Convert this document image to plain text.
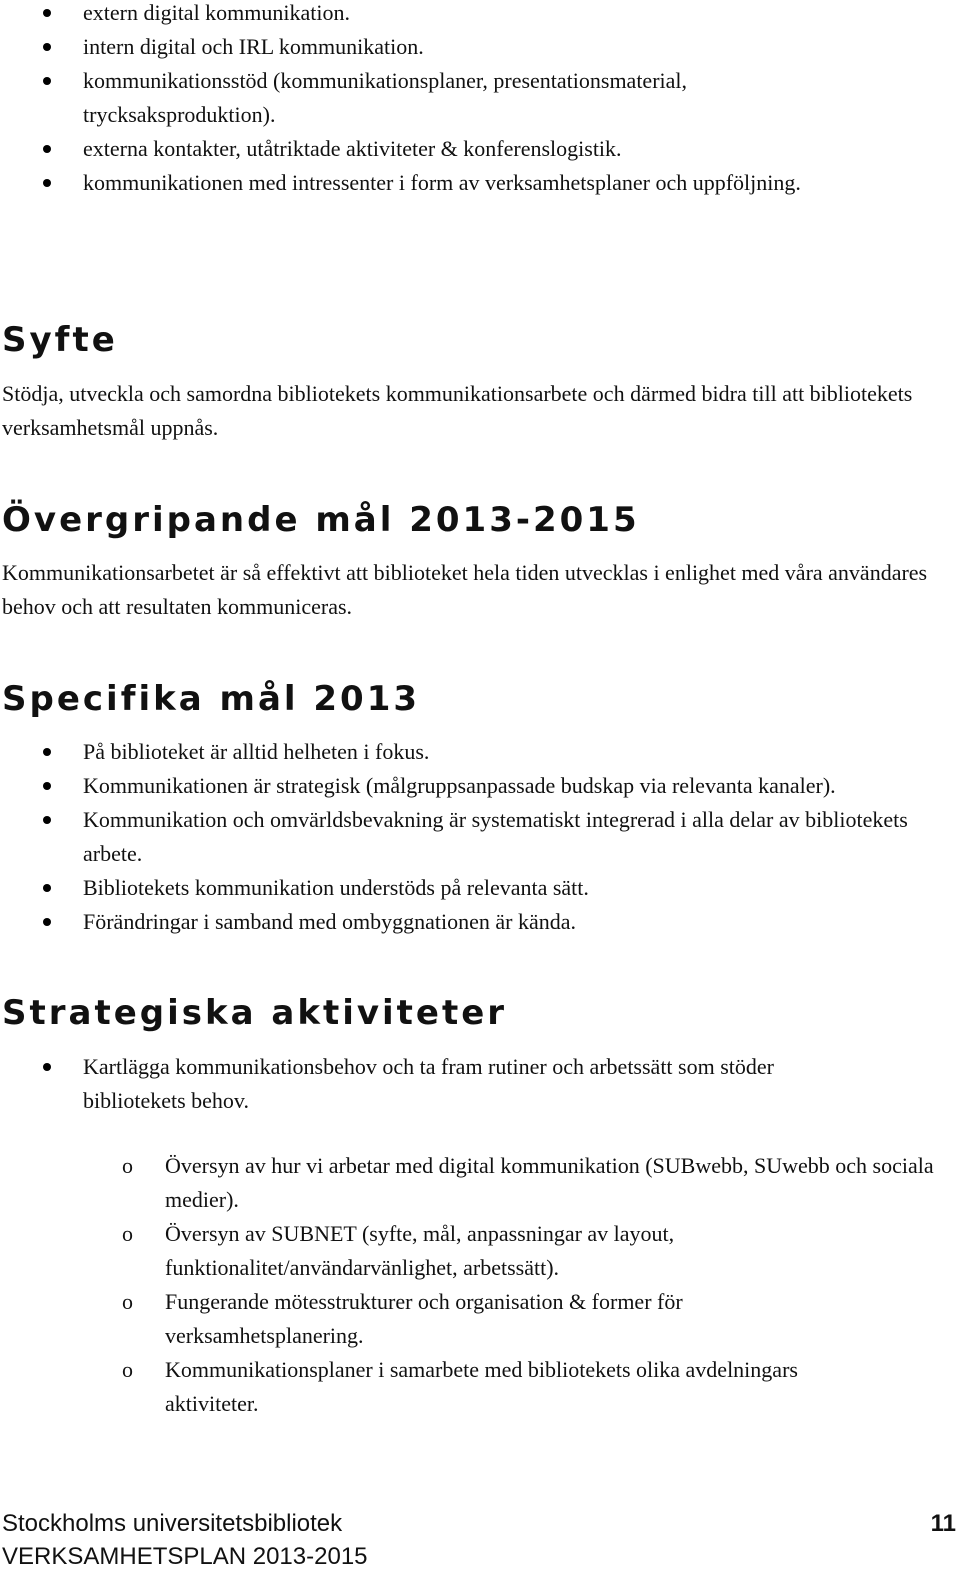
extern digital kommunikation.
intern digital och IRL kommunikation.
kommunikationsstöd (kommunikationsplaner, presentationsmaterial, trycksaksproduktion).
externa kontakter, utåtriktade aktiviteter & konferenslogistik.
kommunikationen med intressenter i form av verksamhetsplaner och uppföljning.
Syfte

Stödja, utveckla och samordna bibliotekets kommunikationsarbete och därmed bidra till att bibliotekets verksamhetsmål uppnås.

Övergripande mål 2013-2015

Kommunikationsarbetet är så effektivt att biblioteket hela tiden utvecklas i enlighet med våra användares behov och att resultaten kommuniceras.

Specifika mål 2013
På biblioteket är alltid helheten i fokus.
Kommunikationen är strategisk (målgruppsanpassade budskap via relevanta kanaler).
Kommunikation och omvärldsbevakning är systematiskt integrerad i alla delar av bibliotekets arbete.
Bibliotekets kommunikation understöds på relevanta sätt.
Förändringar i samband med ombyggnationen är kända.
Strategiska aktiviteter
Kartlägga kommunikationsbehov och ta fram rutiner och arbetssätt som stöder bibliotekets behov.
o Översyn av hur vi arbetar med digital kommunikation (SUBwebb, SUwebb och sociala medier).
o Översyn av SUBNET (syfte, mål, anpassningar av layout, funktionalitet/användarvänlighet, arbetssätt).
o Fungerande mötesstrukturer och organisation & former för verksamhetsplanering.
o Kommunikationsplaner i samarbete med bibliotekets olika avdelningars aktiviteter.
Stockholms universitetsbibliotek	11
VERKSAMHETSPLAN 2013-2015
